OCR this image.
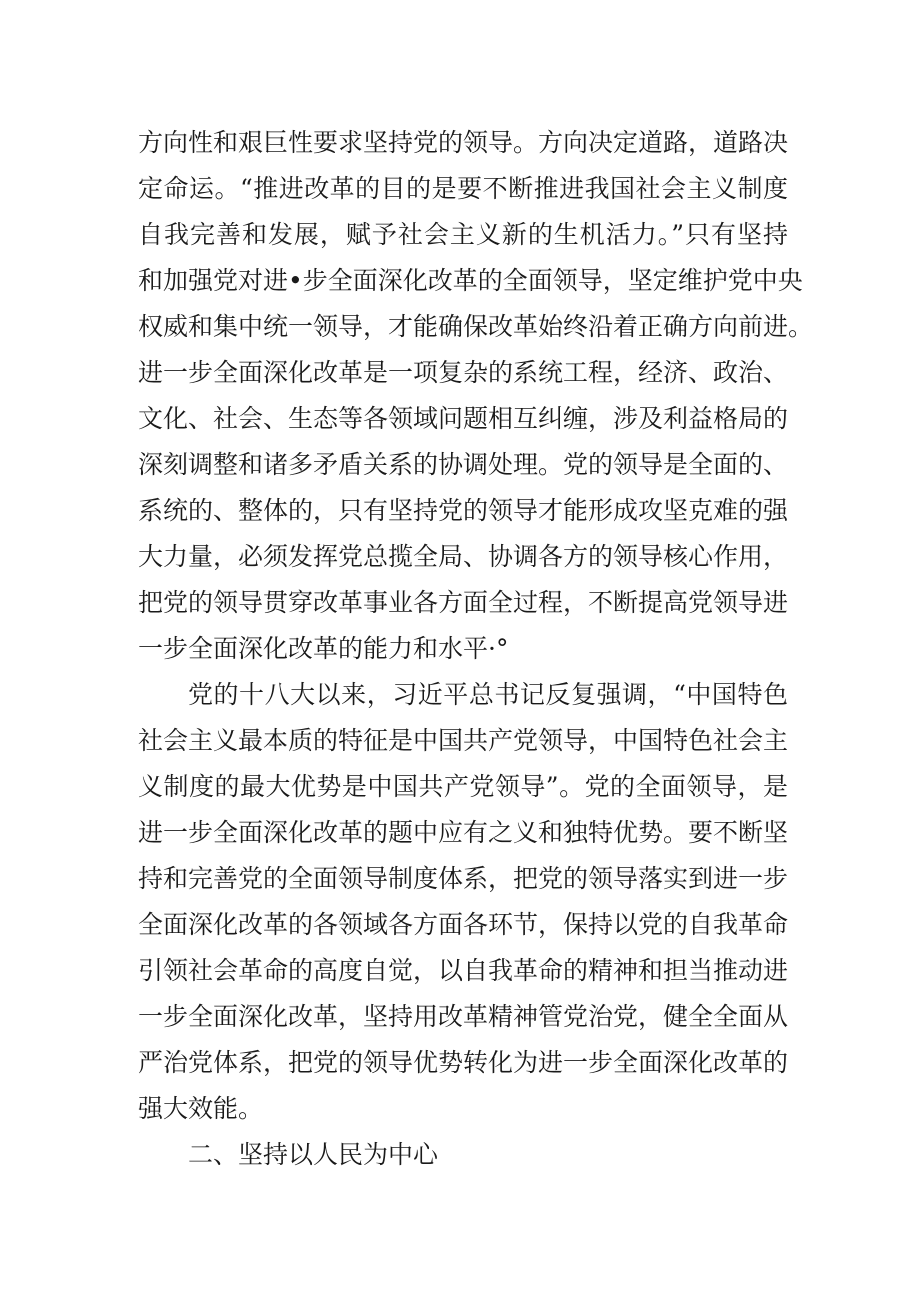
方向性和艰巨性要求坚持党的领导。方向决定道路，道路决
定命运。“推进改革的目的是要不断推进我国社会主义制度
自我完善和发展，赋予社会主义新的生机活力。”只有坚持
和加强党对进•步全面深化改革的全面领导，坚定维护党中央
权威和集中统一领导，才能确保改革始终沿着正确方向前进。
进一步全面深化改革是一项复杂的系统工程，经济、政治、
文化、社会、生态等各领域问题相互纠缠，涉及利益格局的
深刻调整和诸多矛盾关系的协调处理。党的领导是全面的、
系统的、整体的，只有坚持党的领导才能形成攻坚克难的强
大力量，必须发挥党总揽全局、协调各方的领导核心作用，
把党的领导贯穿改革事业各方面全过程，不断提高党领导进
一步全面深化改革的能力和水平·°
党的十八大以来，习近平总书记反复强调，“中国特色
社会主义最本质的特征是中国共产党领导，中国特色社会主
义制度的最大优势是中国共产党领导”。党的全面领导，是
进一步全面深化改革的题中应有之义和独特优势。要不断坚
持和完善党的全面领导制度体系，把党的领导落实到进一步
全面深化改革的各领域各方面各环节，保持以党的自我革命
引领社会革命的高度自觉，以自我革命的精神和担当推动进
一步全面深化改革，坚持用改革精神管党治党，健全全面从
严治党体系，把党的领导优势转化为进一步全面深化改革的
强大效能。
二、坚持以人民为中心
